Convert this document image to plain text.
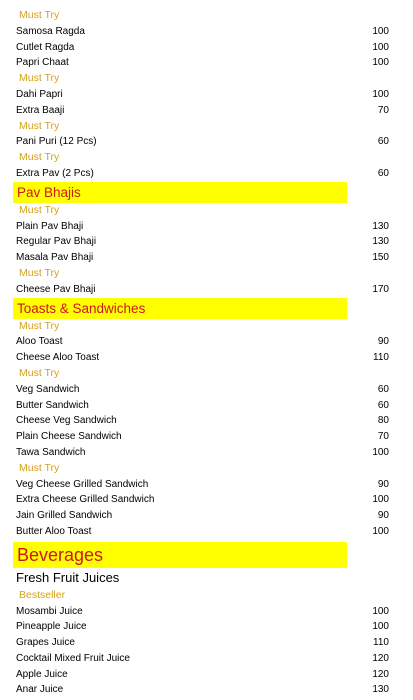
Must Try
Samosa Ragda	100
Cutlet Ragda	100
Papri Chaat	100
Must Try
Dahi Papri	100
Extra Baaji	70
Must Try
Pani Puri (12 Pcs)	60
Must Try
Extra Pav (2 Pcs)	60
Pav Bhajis
Must Try
Plain Pav Bhaji	130
Regular Pav Bhaji	130
Masala Pav Bhaji	150
Must Try
Cheese Pav Bhaji	170
Toasts & Sandwiches
Must Try
Aloo Toast	90
Cheese Aloo Toast	110
Must Try
Veg Sandwich	60
Butter Sandwich	60
Cheese Veg Sandwich	80
Plain Cheese Sandwich	70
Tawa Sandwich	100
Must Try
Veg Cheese Grilled Sandwich	90
Extra Cheese Grilled Sandwich	100
Jain Grilled Sandwich	90
Butter Aloo Toast	100
Beverages
Fresh Fruit Juices
Bestseller
Mosambi Juice	100
Pineapple Juice	100
Grapes Juice	110
Cocktail Mixed Fruit Juice	120
Apple Juice	120
Anar Juice	130
